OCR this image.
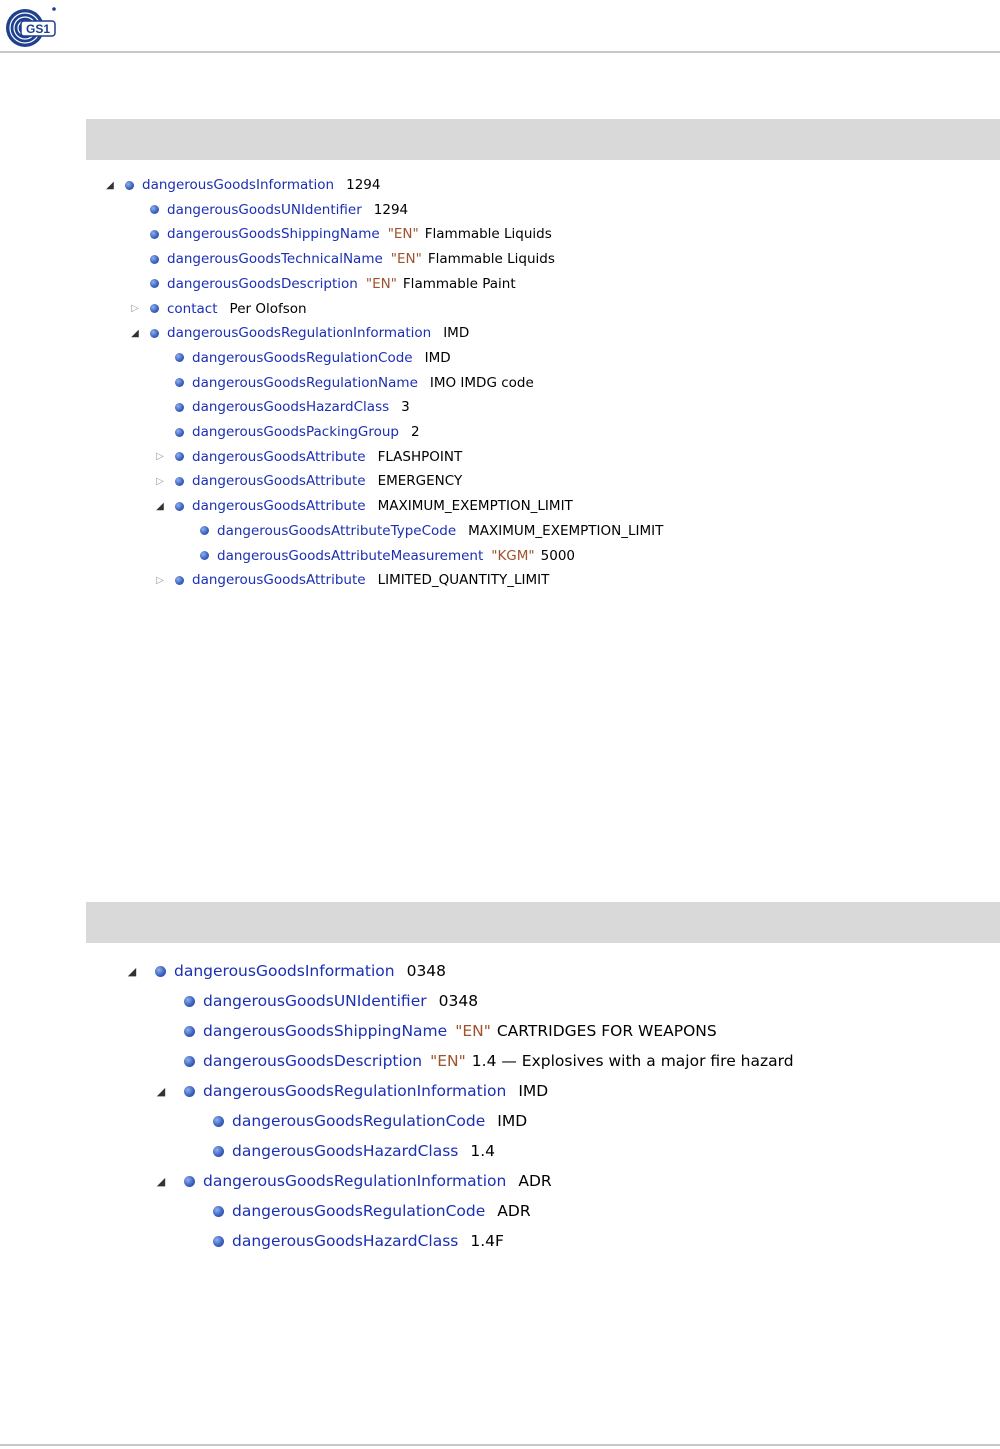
GS1
◢ dangerousGoodsInformation 1294
dangerousGoodsUNIdentifier 1294
dangerousGoodsShippingName "EN" Flammable Liquids
dangerousGoodsTechnicalName "EN" Flammable Liquids
dangerousGoodsDescription "EN" Flammable Paint
▷ contact Per Olofson
◢ dangerousGoodsRegulationInformation IMD
dangerousGoodsRegulationCode IMD
dangerousGoodsRegulationName IMO IMDG code
dangerousGoodsHazardClass 3
dangerousGoodsPackingGroup 2
▷ dangerousGoodsAttribute FLASHPOINT
▷ dangerousGoodsAttribute EMERGENCY
◢ dangerousGoodsAttribute MAXIMUM_EXEMPTION_LIMIT
dangerousGoodsAttributeTypeCode MAXIMUM_EXEMPTION_LIMIT
dangerousGoodsAttributeMeasurement "KGM" 5000
▷ dangerousGoodsAttribute LIMITED_QUANTITY_LIMIT
◢ dangerousGoodsInformation 0348
dangerousGoodsUNIdentifier 0348
dangerousGoodsShippingName "EN" CARTRIDGES FOR WEAPONS
dangerousGoodsDescription "EN" 1.4 — Explosives with a major fire hazard
◢ dangerousGoodsRegulationInformation IMD
dangerousGoodsRegulationCode IMD
dangerousGoodsHazardClass 1.4
◢ dangerousGoodsRegulationInformation ADR
dangerousGoodsRegulationCode ADR
dangerousGoodsHazardClass 1.4F
